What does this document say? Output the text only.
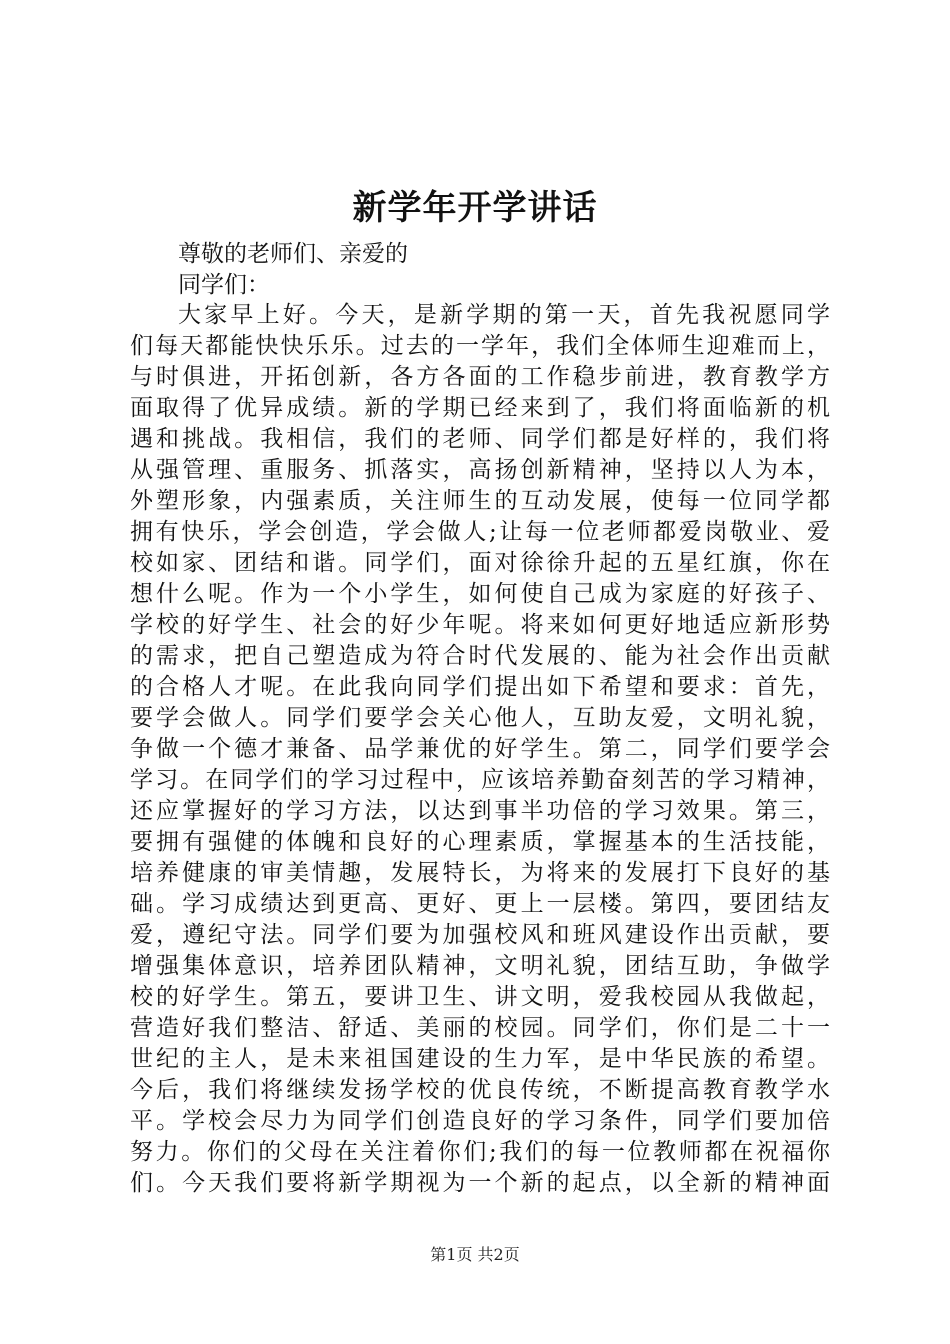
新学年开学讲话
尊敬的老师们、亲爱的
同学们：
大家早上好。今天，是新学期的第一天，首先我祝愿同学
们每天都能快快乐乐。过去的一学年，我们全体师生迎难而上，
与时俱进，开拓创新，各方各面的工作稳步前进，教育教学方
面取得了优异成绩。新的学期已经来到了，我们将面临新的机
遇和挑战。我相信，我们的老师、同学们都是好样的，我们将
从强管理、重服务、抓落实，高扬创新精神，坚持以人为本，
外塑形象，内强素质，关注师生的互动发展，使每一位同学都
拥有快乐，学会创造，学会做人;让每一位老师都爱岗敬业、爱
校如家、团结和谐。同学们，面对徐徐升起的五星红旗，你在
想什么呢。作为一个小学生，如何使自己成为家庭的好孩子、
学校的好学生、社会的好少年呢。将来如何更好地适应新形势
的需求，把自己塑造成为符合时代发展的、能为社会作出贡献
的合格人才呢。在此我向同学们提出如下希望和要求：首先，
要学会做人。同学们要学会关心他人，互助友爱，文明礼貌，
争做一个德才兼备、品学兼优的好学生。第二，同学们要学会
学习。在同学们的学习过程中，应该培养勤奋刻苦的学习精神，
还应掌握好的学习方法，以达到事半功倍的学习效果。第三，
要拥有强健的体魄和良好的心理素质，掌握基本的生活技能，
培养健康的审美情趣，发展特长，为将来的发展打下良好的基
础。学习成绩达到更高、更好、更上一层楼。第四，要团结友
爱，遵纪守法。同学们要为加强校风和班风建设作出贡献，要
增强集体意识，培养团队精神，文明礼貌，团结互助，争做学
校的好学生。第五，要讲卫生、讲文明，爱我校园从我做起，
营造好我们整洁、舒适、美丽的校园。同学们，你们是二十一
世纪的主人，是未来祖国建设的生力军，是中华民族的希望。
今后，我们将继续发扬学校的优良传统，不断提高教育教学水
平。学校会尽力为同学们创造良好的学习条件，同学们要加倍
努力。你们的父母在关注着你们;我们的每一位教师都在祝福你
们。今天我们要将新学期视为一个新的起点，以全新的精神面
第1页 共2页
